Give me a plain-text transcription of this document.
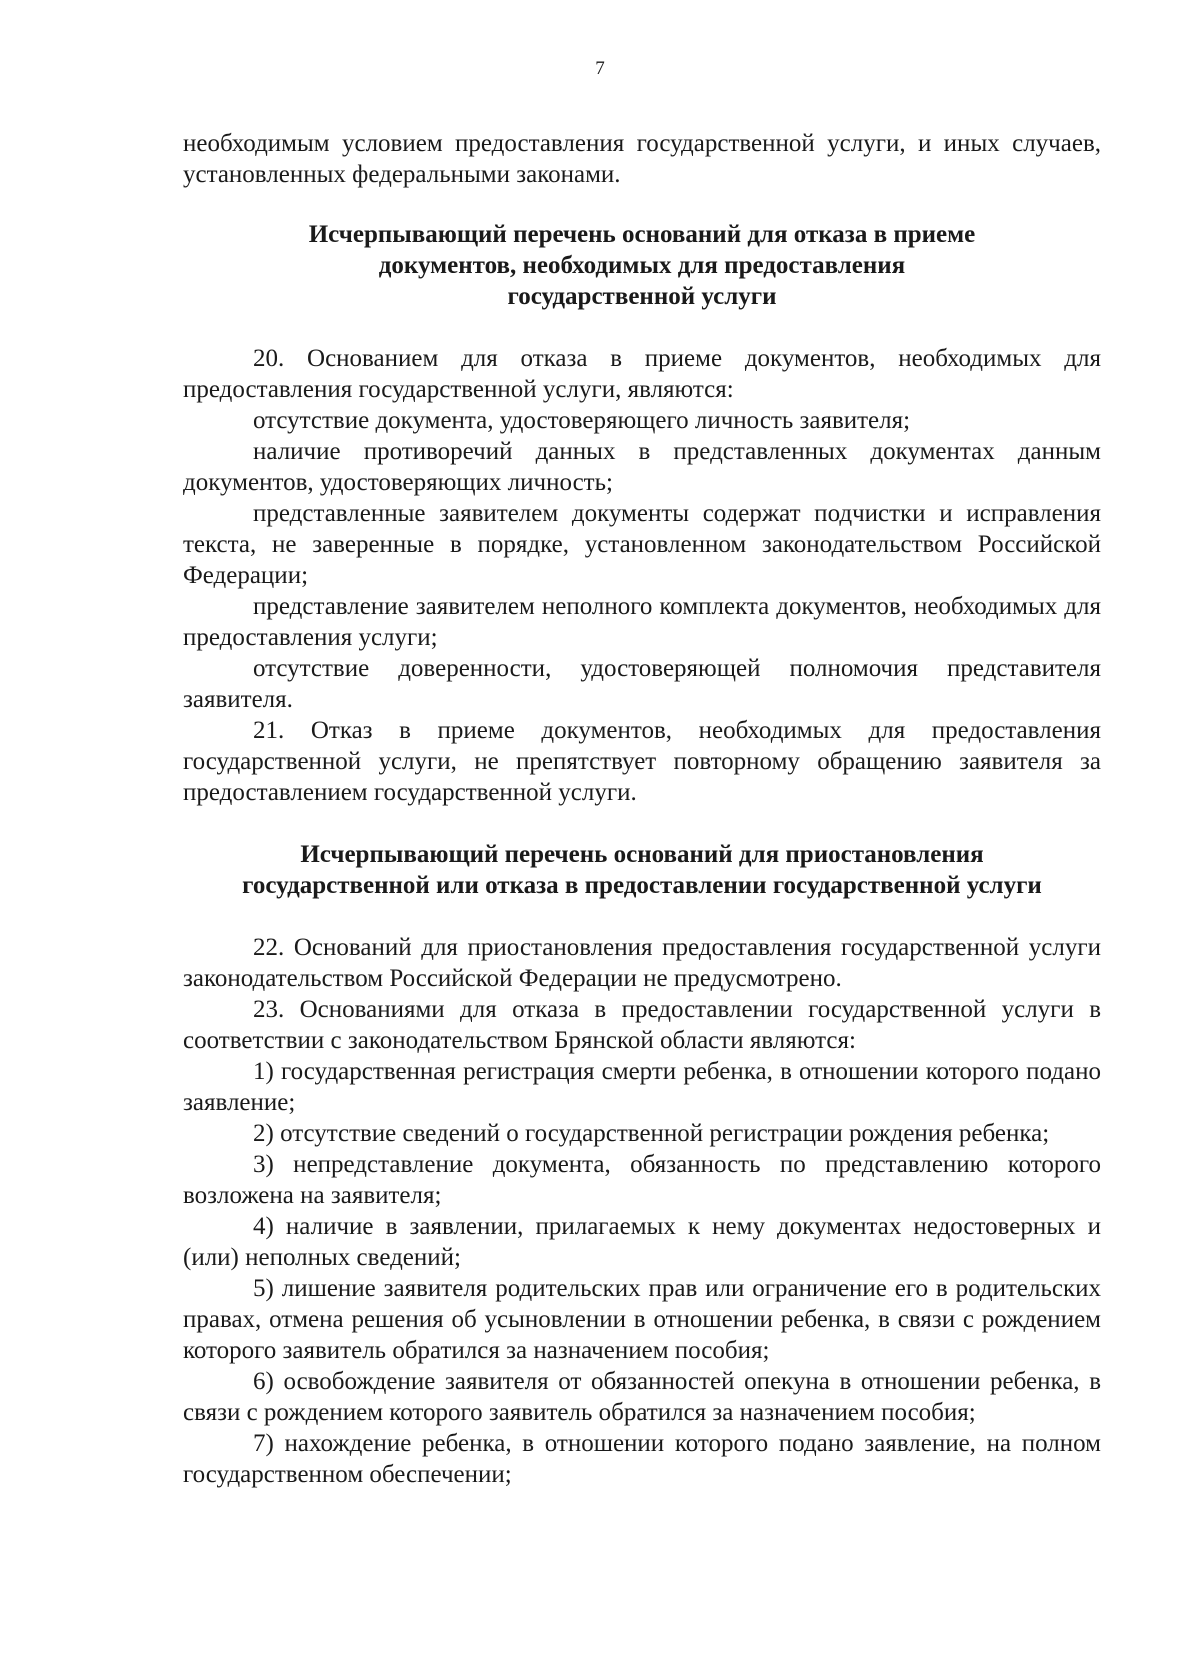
7

необходимым условием предоставления государственной услуги, и иных случаев, установленных федеральными законами.

Исчерпывающий перечень оснований для отказа в приеме
документов, необходимых для предоставления
государственной услуги

20. Основанием для отказа в приеме документов, необходимых для предоставления государственной услуги, являются:

отсутствие документа, удостоверяющего личность заявителя;

наличие противоречий данных в представленных документах данным документов, удостоверяющих личность;

представленные заявителем документы содержат подчистки и исправления текста, не заверенные в порядке, установленном законодательством Российской Федерации;

представление заявителем неполного комплекта документов, необходимых для предоставления услуги;

отсутствие доверенности, удостоверяющей полномочия представителя заявителя.

21. Отказ в приеме документов, необходимых для предоставления государственной услуги, не препятствует повторному обращению заявителя за предоставлением государственной услуги.

Исчерпывающий перечень оснований для приостановления
государственной или отказа в предоставлении государственной услуги

22. Оснований для приостановления предоставления государственной услуги законодательством Российской Федерации не предусмотрено.

23. Основаниями для отказа в предоставлении государственной услуги в соответствии с законодательством Брянской области являются:

1) государственная регистрация смерти ребенка, в отношении которого подано заявление;

2) отсутствие сведений о государственной регистрации рождения ребенка;

3) непредставление документа, обязанность по представлению которого возложена на заявителя;

4) наличие в заявлении, прилагаемых к нему документах недостоверных и (или) неполных сведений;

5) лишение заявителя родительских прав или ограничение его в родительских правах, отмена решения об усыновлении в отношении ребенка, в связи с рождением которого заявитель обратился за назначением пособия;

6) освобождение заявителя от обязанностей опекуна в отношении ребенка, в связи с рождением которого заявитель обратился за назначением пособия;

7) нахождение ребенка, в отношении которого подано заявление, на полном государственном обеспечении;
